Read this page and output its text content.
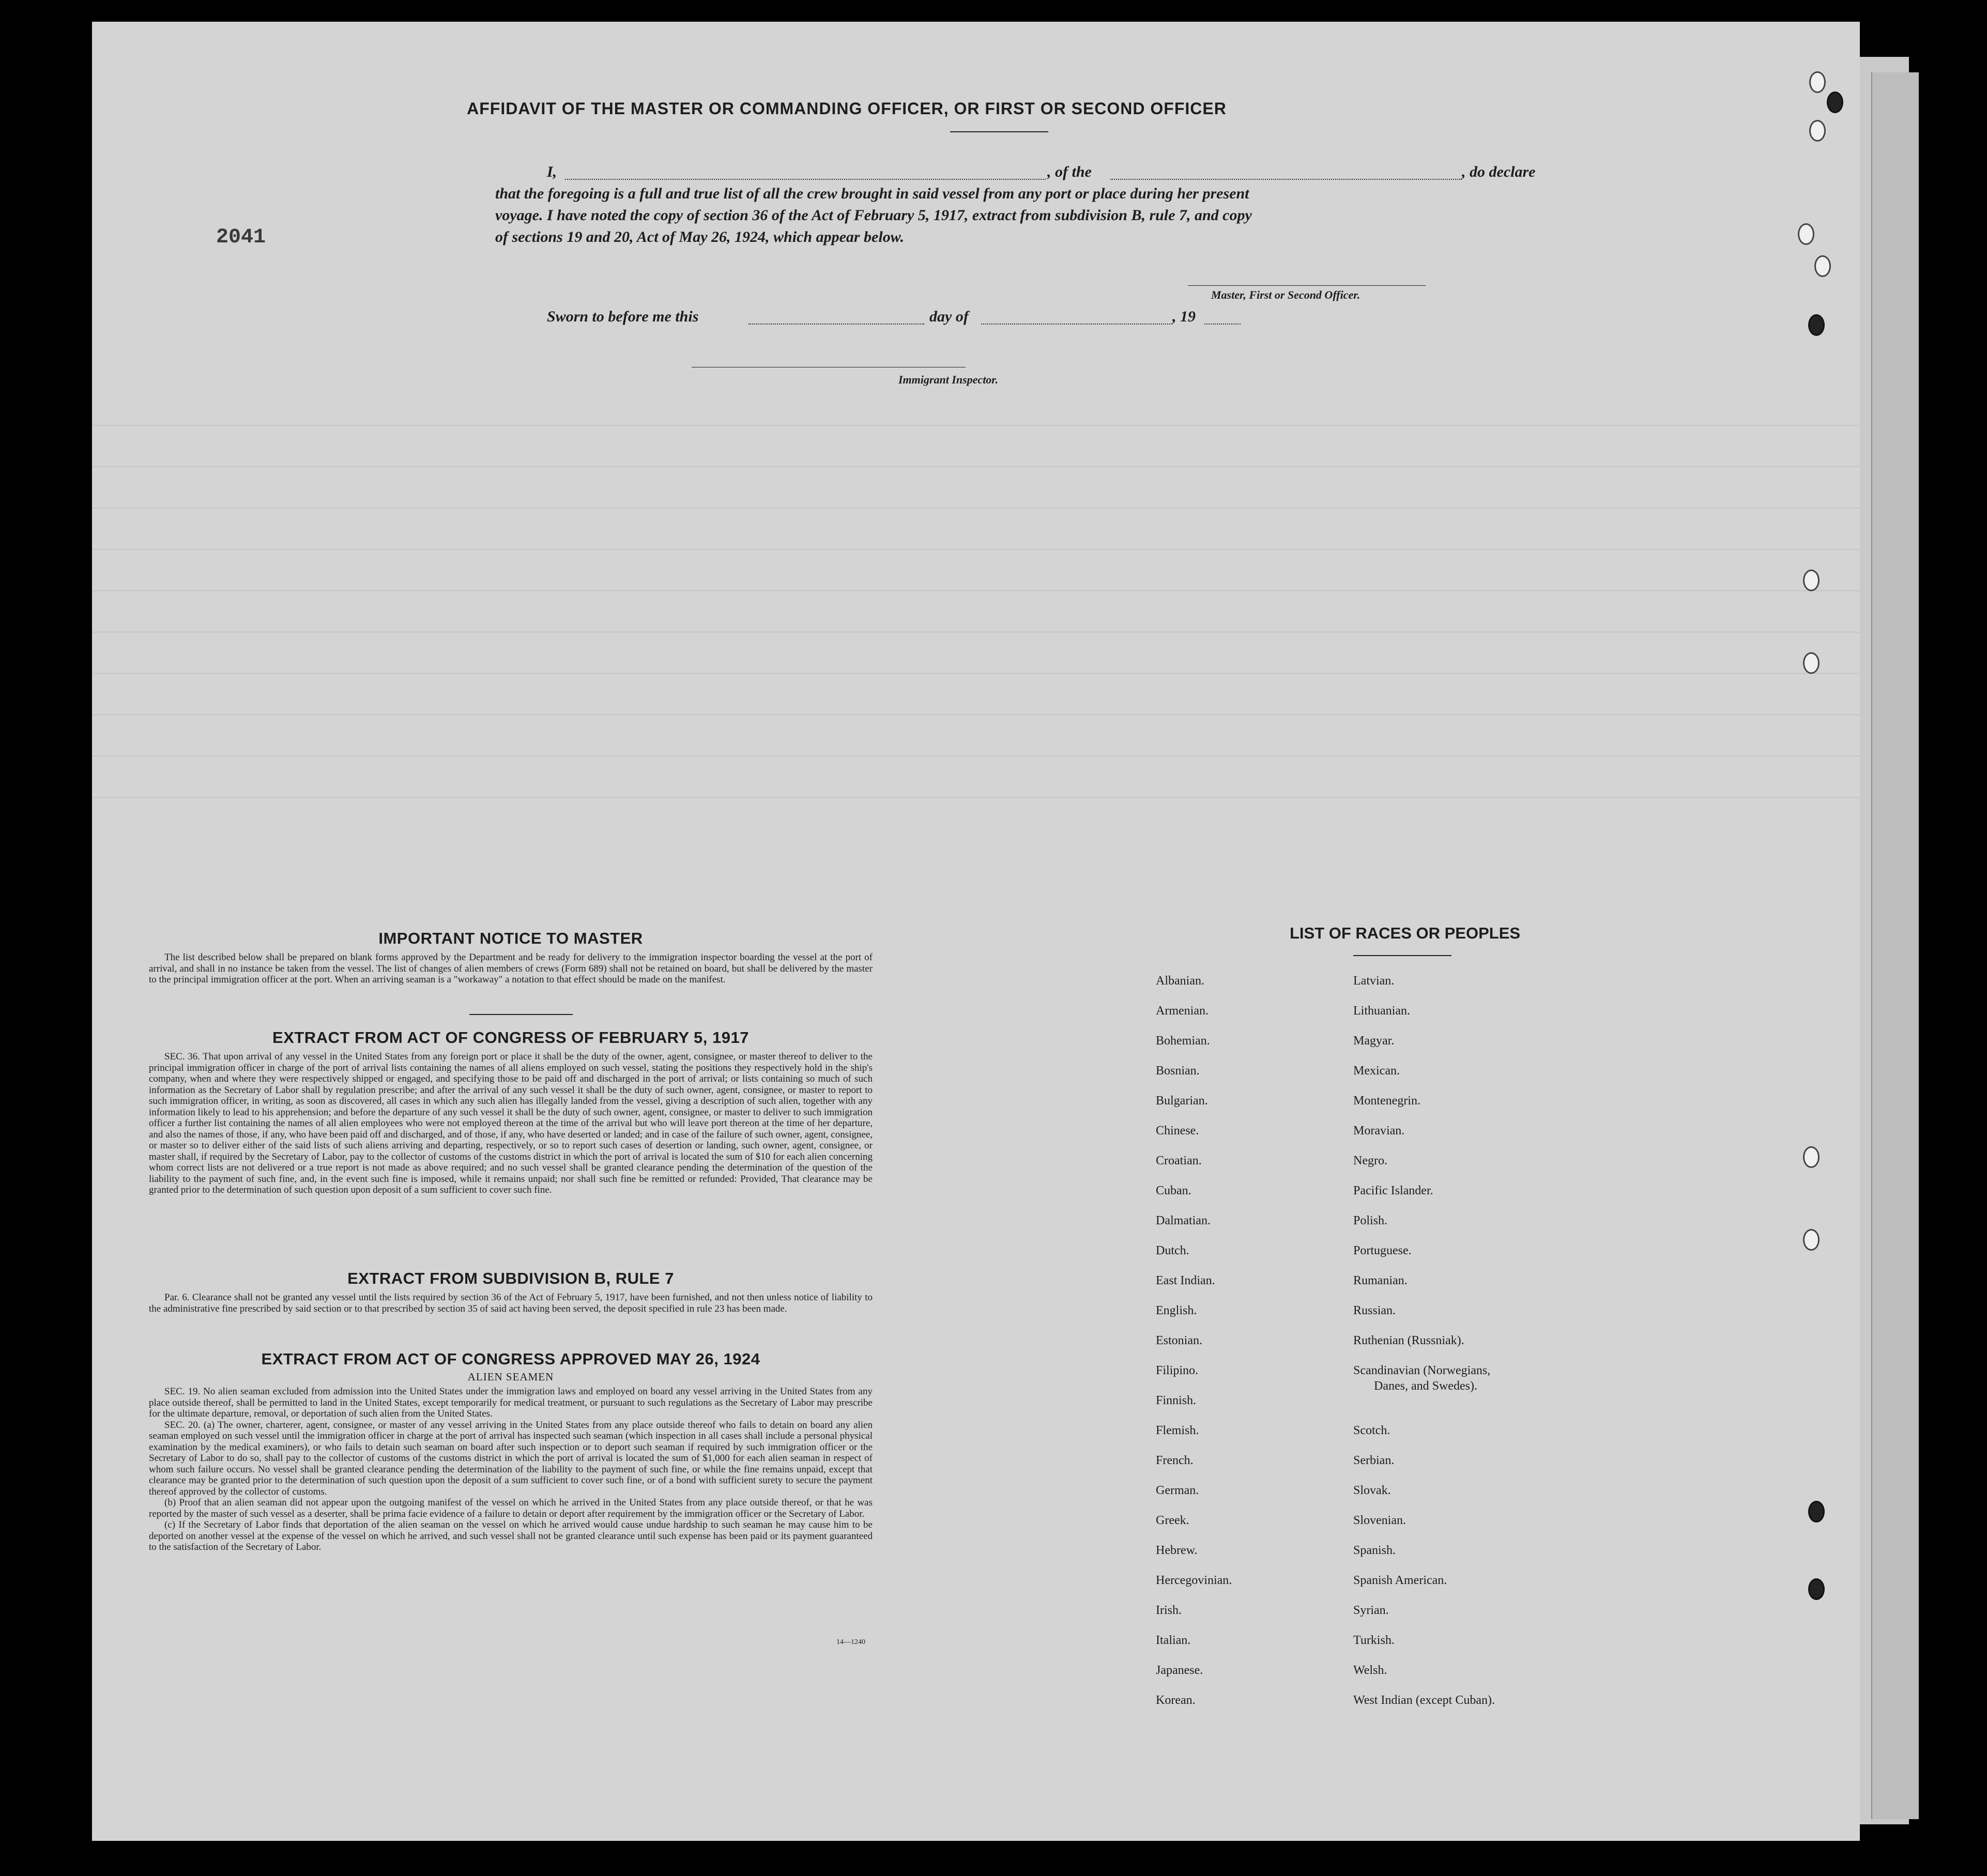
2041
AFFIDAVIT OF THE MASTER OR COMMANDING OFFICER, OR FIRST OR SECOND OFFICER
I,	, of the	, do declare
that the foregoing is a full and true list of all the crew brought in said vessel from any port or place during her present
voyage. I have noted the copy of section 36 of the Act of February 5, 1917, extract from subdivision B, rule 7, and copy
of sections 19 and 20, Act of May 26, 1924, which appear below.
Master, First or Second Officer.
Sworn to before me this	day of	, 19
Immigrant Inspector.
IMPORTANT NOTICE TO MASTER

The list described below shall be prepared on blank forms approved by the Department and be ready for delivery to the immigration inspector boarding the vessel at the port of arrival, and shall in no instance be taken from the vessel. The list of changes of alien members of crews (Form 689) shall not be retained on board, but shall be delivered by the master to the principal immigration officer at the port. When an arriving seaman is a "workaway" a notation to that effect should be made on the manifest.

EXTRACT FROM ACT OF CONGRESS OF FEBRUARY 5, 1917

SEC. 36. That upon arrival of any vessel in the United States from any foreign port or place it shall be the duty of the owner, agent, consignee, or master thereof to deliver to the principal immigration officer in charge of the port of arrival lists containing the names of all aliens employed on such vessel, stating the positions they respectively hold in the ship's company, when and where they were respectively shipped or engaged, and specifying those to be paid off and discharged in the port of arrival; or lists containing so much of such information as the Secretary of Labor shall by regulation prescribe; and after the arrival of any such vessel it shall be the duty of such owner, agent, consignee, or master to report to such immigration officer, in writing, as soon as discovered, all cases in which any such alien has illegally landed from the vessel, giving a description of such alien, together with any information likely to lead to his apprehension; and before the departure of any such vessel it shall be the duty of such owner, agent, consignee, or master to deliver to such immigration officer a further list containing the names of all alien employees who were not employed thereon at the time of the arrival but who will leave port thereon at the time of her departure, and also the names of those, if any, who have been paid off and discharged, and of those, if any, who have deserted or landed; and in case of the failure of such owner, agent, consignee, or master so to deliver either of the said lists of such aliens arriving and departing, respectively, or so to report such cases of desertion or landing, such owner, agent, consignee, or master shall, if required by the Secretary of Labor, pay to the collector of customs of the customs district in which the port of arrival is located the sum of $10 for each alien concerning whom correct lists are not delivered or a true report is not made as above required; and no such vessel shall be granted clearance pending the determination of the question of the liability to the payment of such fine, and, in the event such fine is imposed, while it remains unpaid; nor shall such fine be remitted or refunded: Provided, That clearance may be granted prior to the determination of such question upon deposit of a sum sufficient to cover such fine.

EXTRACT FROM SUBDIVISION B, RULE 7

Par. 6. Clearance shall not be granted any vessel until the lists required by section 36 of the Act of February 5, 1917, have been furnished, and not then unless notice of liability to the administrative fine prescribed by said section or to that prescribed by section 35 of said act having been served, the deposit specified in rule 23 has been made.

EXTRACT FROM ACT OF CONGRESS APPROVED MAY 26, 1924
ALIEN SEAMEN

SEC. 19. No alien seaman excluded from admission into the United States under the immigration laws and employed on board any vessel arriving in the United States from any place outside thereof, shall be permitted to land in the United States, except temporarily for medical treatment, or pursuant to such regulations as the Secretary of Labor may prescribe for the ultimate departure, removal, or deportation of such alien from the United States.

SEC. 20. (a) The owner, charterer, agent, consignee, or master of any vessel arriving in the United States from any place outside thereof who fails to detain on board any alien seaman employed on such vessel until the immigration officer in charge at the port of arrival has inspected such seaman (which inspection in all cases shall include a personal physical examination by the medical examiners), or who fails to detain such seaman on board after such inspection or to deport such seaman if required by such immigration officer or the Secretary of Labor to do so, shall pay to the collector of customs of the customs district in which the port of arrival is located the sum of $1,000 for each alien seaman in respect of whom such failure occurs. No vessel shall be granted clearance pending the determination of the liability to the payment of such fine, or while the fine remains unpaid, except that clearance may be granted prior to the determination of such question upon the deposit of a sum sufficient to cover such fine, or of a bond with sufficient surety to secure the payment thereof approved by the collector of customs.

(b) Proof that an alien seaman did not appear upon the outgoing manifest of the vessel on which he arrived in the United States from any place outside thereof, or that he was reported by the master of such vessel as a deserter, shall be prima facie evidence of a failure to detain or deport after requirement by the immigration officer or the Secretary of Labor.

(c) If the Secretary of Labor finds that deportation of the alien seaman on the vessel on which he arrived would cause undue hardship to such seaman he may cause him to be deported on another vessel at the expense of the vessel on which he arrived, and such vessel shall not be granted clearance until such expense has been paid or its payment guaranteed to the satisfaction of the Secretary of Labor.

14—1240
LIST OF RACES OR PEOPLES
Albanian.
Armenian.
Bohemian.
Bosnian.
Bulgarian.
Chinese.
Croatian.
Cuban.
Dalmatian.
Dutch.
East Indian.
English.
Estonian.
Filipino.
Finnish.
Flemish.
French.
German.
Greek.
Hebrew.
Hercegovinian.
Irish.
Italian.
Japanese.
Korean.
Latvian.
Lithuanian.
Magyar.
Mexican.
Montenegrin.
Moravian.
Negro.
Pacific Islander.
Polish.
Portuguese.
Rumanian.
Russian.
Ruthenian (Russniak).
Scandinavian (Norwegians,
Danes, and Swedes).
Scotch.
Serbian.
Slovak.
Slovenian.
Spanish.
Spanish American.
Syrian.
Turkish.
Welsh.
West Indian (except Cuban).
